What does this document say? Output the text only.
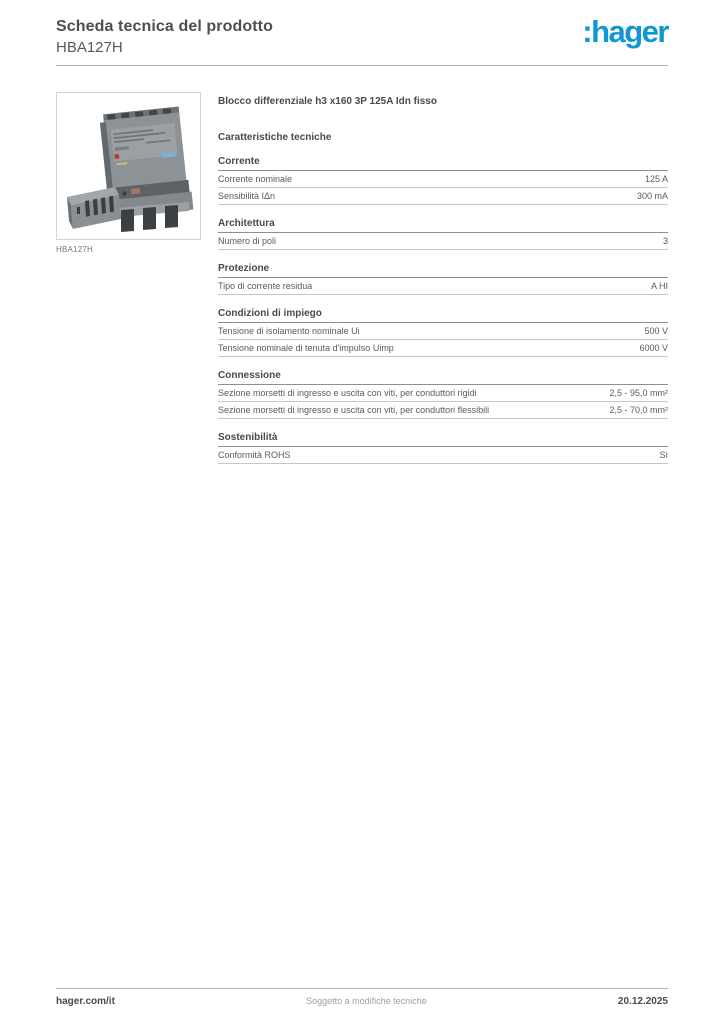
Scheda tecnica del prodotto
HBA127H	:hager
HBA127H
Blocco differenziale h3 x160 3P 125A Idn fisso
Caratteristiche tecniche
Corrente
Corrente nominale	125 A
Sensibilità IΔn	300 mA
Architettura
Numero di poli	3
Protezione
Tipo di corrente residua	A HI
Condizioni di impiego
Tensione di isolamento nominale Ui	500 V
Tensione nominale di tenuta d'impulso Uimp	6000 V
Connessione
Sezione morsetti di ingresso e uscita con viti, per conduttori rigidi	2,5 - 95,0 mm²
Sezione morsetti di ingresso e uscita con viti, per conduttori flessibili	2,5 - 70,0 mm²
Sostenibilità
Conformità ROHS	Sì
hager.com/it	Soggetto a modifiche tecniche	20.12.2025
